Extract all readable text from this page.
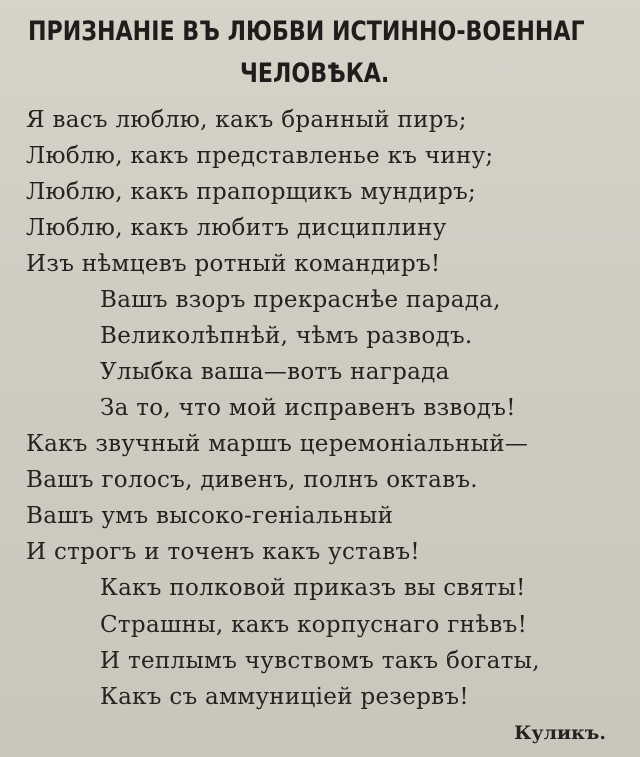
ПРИЗНАНІЕ ВЪ ЛЮБВИ ИСТИННО-ВОЕННАГ
ЧЕЛОВѢКА.
Я васъ люблю, какъ бранный пиръ;
Люблю, какъ представленье къ чину;
Люблю, какъ прапорщикъ мундиръ;
Люблю, какъ любитъ дисциплину
Изъ нѣмцевъ ротный командиръ!
Вашъ взоръ прекраснѣе парада,
Великолѣпнѣй, чѣмъ разводъ.
Улыбка ваша—вотъ награда
За то, что мой исправенъ взводъ!
Какъ звучный маршъ церемоніальный—
Вашъ голосъ, дивенъ, полнъ октавъ.
Вашъ умъ высоко-геніальный
И строгъ и точенъ какъ уставъ!
Какъ полковой приказъ вы святы!
Страшны, какъ корпуснаго гнѣвъ!
И теплымъ чувствомъ такъ богаты,
Какъ съ аммуниціей резервъ!
Куликъ.
